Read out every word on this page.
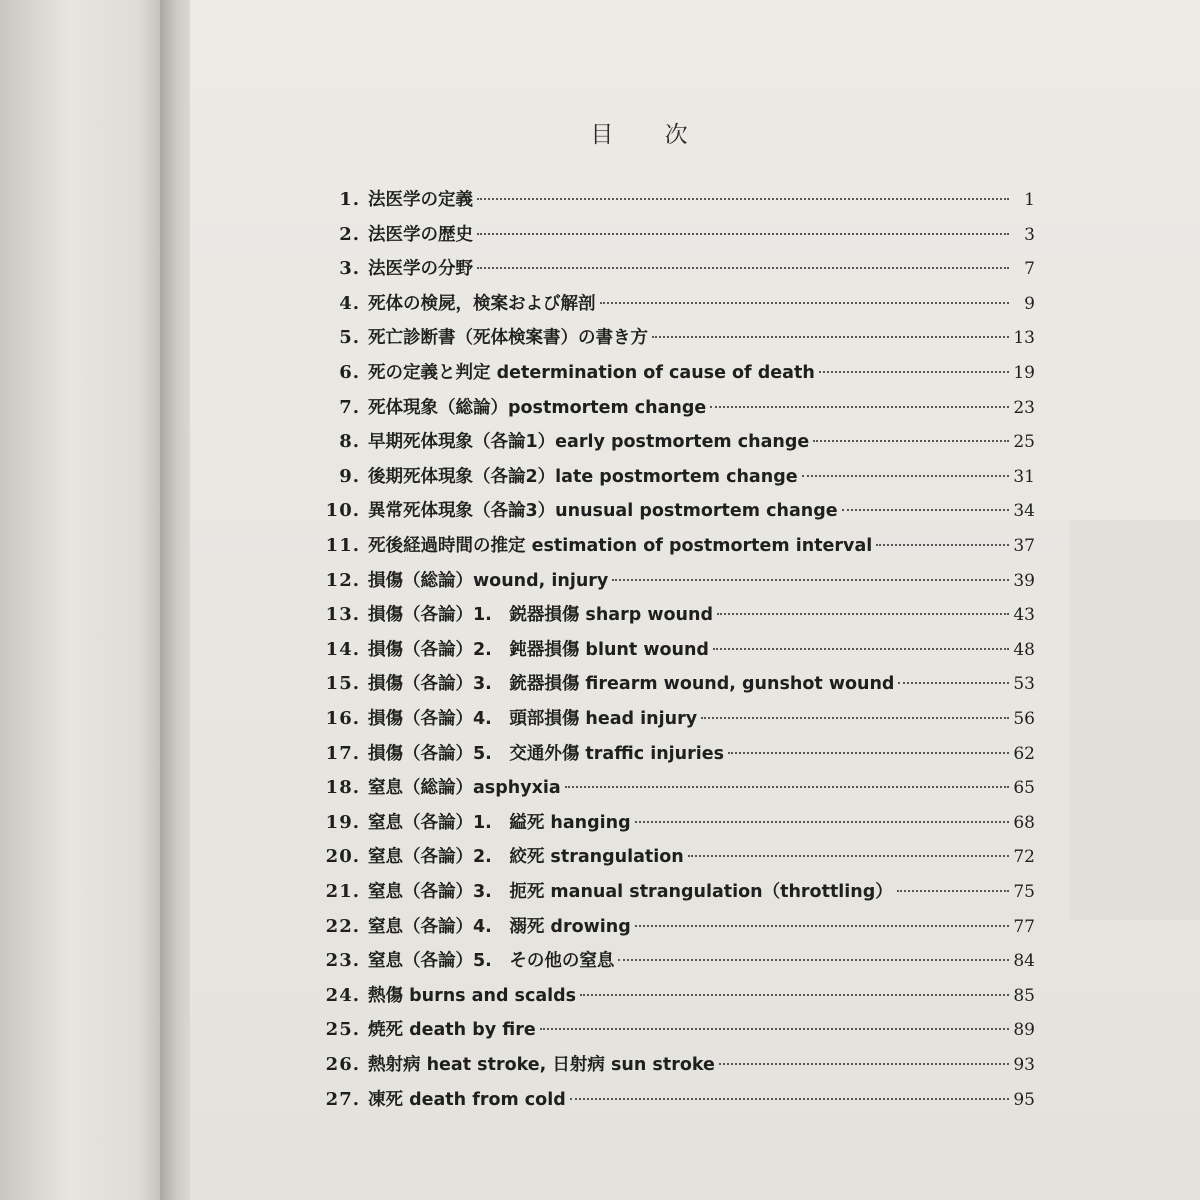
目 次
1. 法医学の定義	1
2. 法医学の歴史	3
3. 法医学の分野	7
4. 死体の検屍，検案および解剖	9
5. 死亡診断書（死体検案書）の書き方	13
6. 死の定義と判定 determination of cause of death	19
7. 死体現象（総論）postmortem change	23
8. 早期死体現象（各論1）early postmortem change	25
9. 後期死体現象（各論2）late postmortem change	31
10. 異常死体現象（各論3）unusual postmortem change	34
11. 死後経過時間の推定 estimation of postmortem interval	37
12. 損傷（総論）wound, injury	39
13. 損傷（各論）1.　鋭器損傷 sharp wound	43
14. 損傷（各論）2.　鈍器損傷 blunt wound	48
15. 損傷（各論）3.　銃器損傷 firearm wound, gunshot wound	53
16. 損傷（各論）4.　頭部損傷 head injury	56
17. 損傷（各論）5.　交通外傷 traffic injuries	62
18. 窒息（総論）asphyxia	65
19. 窒息（各論）1.　縊死 hanging	68
20. 窒息（各論）2.　絞死 strangulation	72
21. 窒息（各論）3.　扼死 manual strangulation（throttling）	75
22. 窒息（各論）4.　溺死 drowing	77
23. 窒息（各論）5.　その他の窒息	84
24. 熱傷 burns and scalds	85
25. 焼死 death by fire	89
26. 熱射病 heat stroke, 日射病 sun stroke	93
27. 凍死 death from cold	95
